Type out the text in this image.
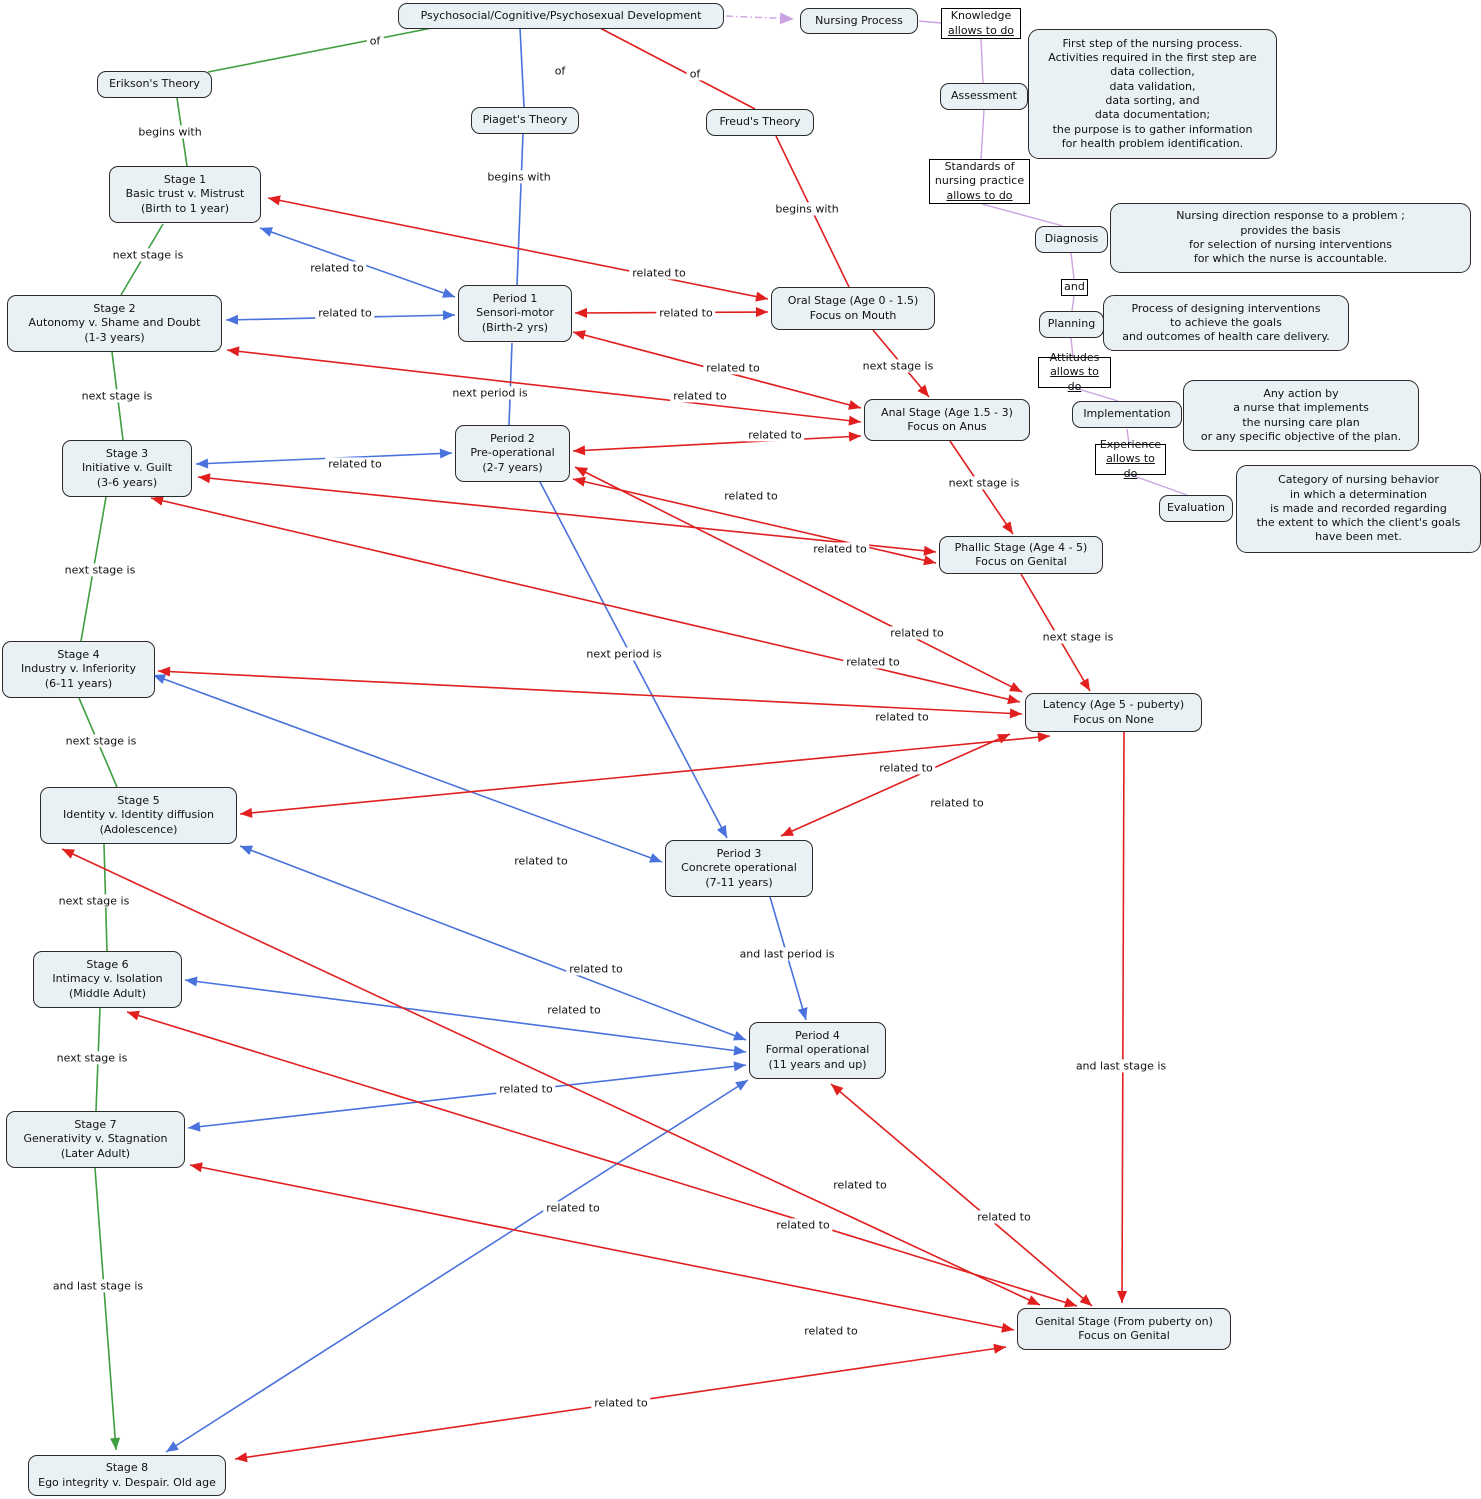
Psychosocial/Cognitive/Psychosexual Development	Nursing Process	Knowledge
allows to do
Erikson's Theory
Piaget's Theory	Freud's Theory
Assessment
First step of the nursing process.
Activities required in the first step are
data collection,
data validation,
data sorting, and
data documentation;
the purpose is to gather information
for health problem identification.
Standards of
nursing practice
allows to do
Stage 1
Basic trust v. Mistrust
(Birth to 1 year)
Diagnosis
Nursing direction response to a problem ;
provides the basis
for selection of nursing interventions
for which the nurse is accountable.
and
Planning
Process of designing interventions
to achieve the goals
and outcomes of health care delivery.
Attitudes
allows to do
Stage 2
Autonomy v. Shame and Doubt
(1-3 years)
Period 1
Sensori-motor
(Birth-2 yrs)
Oral Stage (Age 0 - 1.5)
Focus on Mouth
Implementation
Any action by
a nurse that implements
the nursing care plan
or any specific objective of the plan.
Experience
allows to do
Anal Stage (Age 1.5 - 3)
Focus on Anus
Stage 3
Initiative v. Guilt
(3-6 years)
Period 2
Pre-operational
(2-7 years)
Evaluation
Category of nursing behavior
in which a determination
is made and recorded regarding
the extent to which the client's goals
have been met.
Phallic Stage (Age 4 - 5)
Focus on Genital
Stage 4
Industry v. Inferiority
(6-11 years)
Latency (Age 5 - puberty)
Focus on None
Stage 5
Identity v. Identity diffusion
(Adolescence)
Period 3
Concrete operational
(7-11 years)
Stage 6
Intimacy v. Isolation
(Middle Adult)
Period 4
Formal operational
(11 years and up)
Stage 7
Generativity v. Stagnation
(Later Adult)
Genital Stage (From puberty on)
Focus on Genital
Stage 8
Ego integrity v. Despair. Old age
of
of	of
begins with
begins with
begins with
next stage is
related to	related to
related to	related to
next stage is
related to
next stage is	next period is	related to
related to
related to
next stage is
related to
related to
next stage is
related to	next stage is
related to
next period is
related to
next stage is
related to
related to
related to
next stage is
and last period is
related to
related to
next stage is
and last stage is
related to
related to
related to
related to
related to
and last stage is
related to
related to
